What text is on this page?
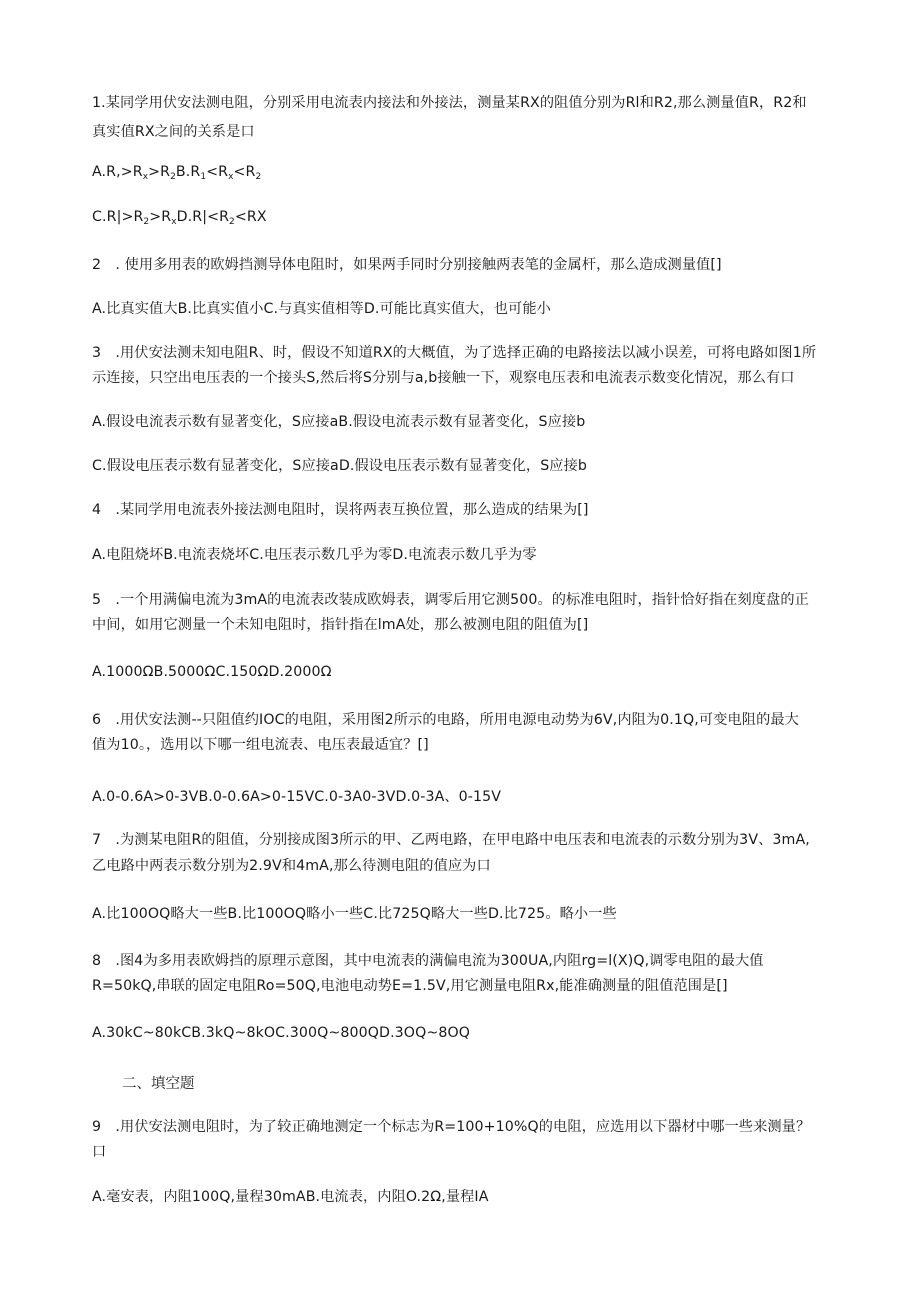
1.某同学用伏安法测电阻，分别采用电流表内接法和外接法，测量某RX的阻值分别为Rl和R2,那么测量值R，R2和
真实值RX之间的关系是口
$A.R,>R_x>R_2B.R_1<R_x<R_2$
$C.R|>R_2>R_xD.R|<R_2<RX$
2　. 使用多用表的欧姆挡测导体电阻时，如果两手同时分别接触两表笔的金属杆，那么造成测量值[]
A.比真实值大B.比真实值小C.与真实值相等D.可能比真实值大，也可能小
3　.用伏安法测未知电阻R、时，假设不知道RX的大概值，为了选择正确的电路接法以减小误差，可将电路如图1所
示连接，只空出电压表的一个接头S,然后将S分别与a,b接触一下，观察电压表和电流表示数变化情况，那么有口
A.假设电流表示数有显著变化，S应接aB.假设电流表示数有显著变化，S应接b
C.假设电压表示数有显著变化，S应接aD.假设电压表示数有显著变化，S应接b
4　.某同学用电流表外接法测电阻时，误将两表互换位置，那么造成的结果为[]
A.电阻烧坏B.电流表烧坏C.电压表示数几乎为零D.电流表示数几乎为零
5　.一个用满偏电流为3mA的电流表改装成欧姆表，调零后用它测500。的标准电阻时，指针恰好指在刻度盘的正
中间，如用它测量一个未知电阻时，指针指在lmA处，那么被测电阻的阻值为[]
A.1000ΩB.5000ΩC.150ΩD.2000Ω
6　.用伏安法测--只阻值约IOC的电阻，采用图2所示的电路，所用电源电动势为6V,内阻为0.1Q,可变电阻的最大
值为10。，选用以下哪一组电流表、电压表最适宜？[]
A.0-0.6A>0-3VB.0-0.6A>0-15VC.0-3A0-3VD.0-3A、0-15V
7　.为测某电阻R的阻值，分别接成图3所示的甲、乙两电路，在甲电路中电压表和电流表的示数分别为3V、3mA,
乙电路中两表示数分别为2.9V和4mA,那么待测电阻的值应为口
A.比100OQ略大一些B.比100OQ略小一些C.比725Q略大一些D.比725。略小一些
8　.图4为多用表欧姆挡的原理示意图，其中电流表的满偏电流为300UA,内阻rg=l(X)Q,调零电阻的最大值
R=50kQ,串联的固定电阻Ro=50Q,电池电动势E=1.5V,用它测量电阻Rx,能准确测量的阻值范围是[]
A.30kC~80kCB.3kQ~8kOC.300Q~800QD.3OQ~8OQ
二、填空题
9　.用伏安法测电阻时，为了较正确地测定一个标志为R=100+10%Q的电阻，应选用以下器材中哪一些来测量？
口
A.毫安表，内阻100Q,量程30mAB.电流表，内阻O.2Ω,量程IA
